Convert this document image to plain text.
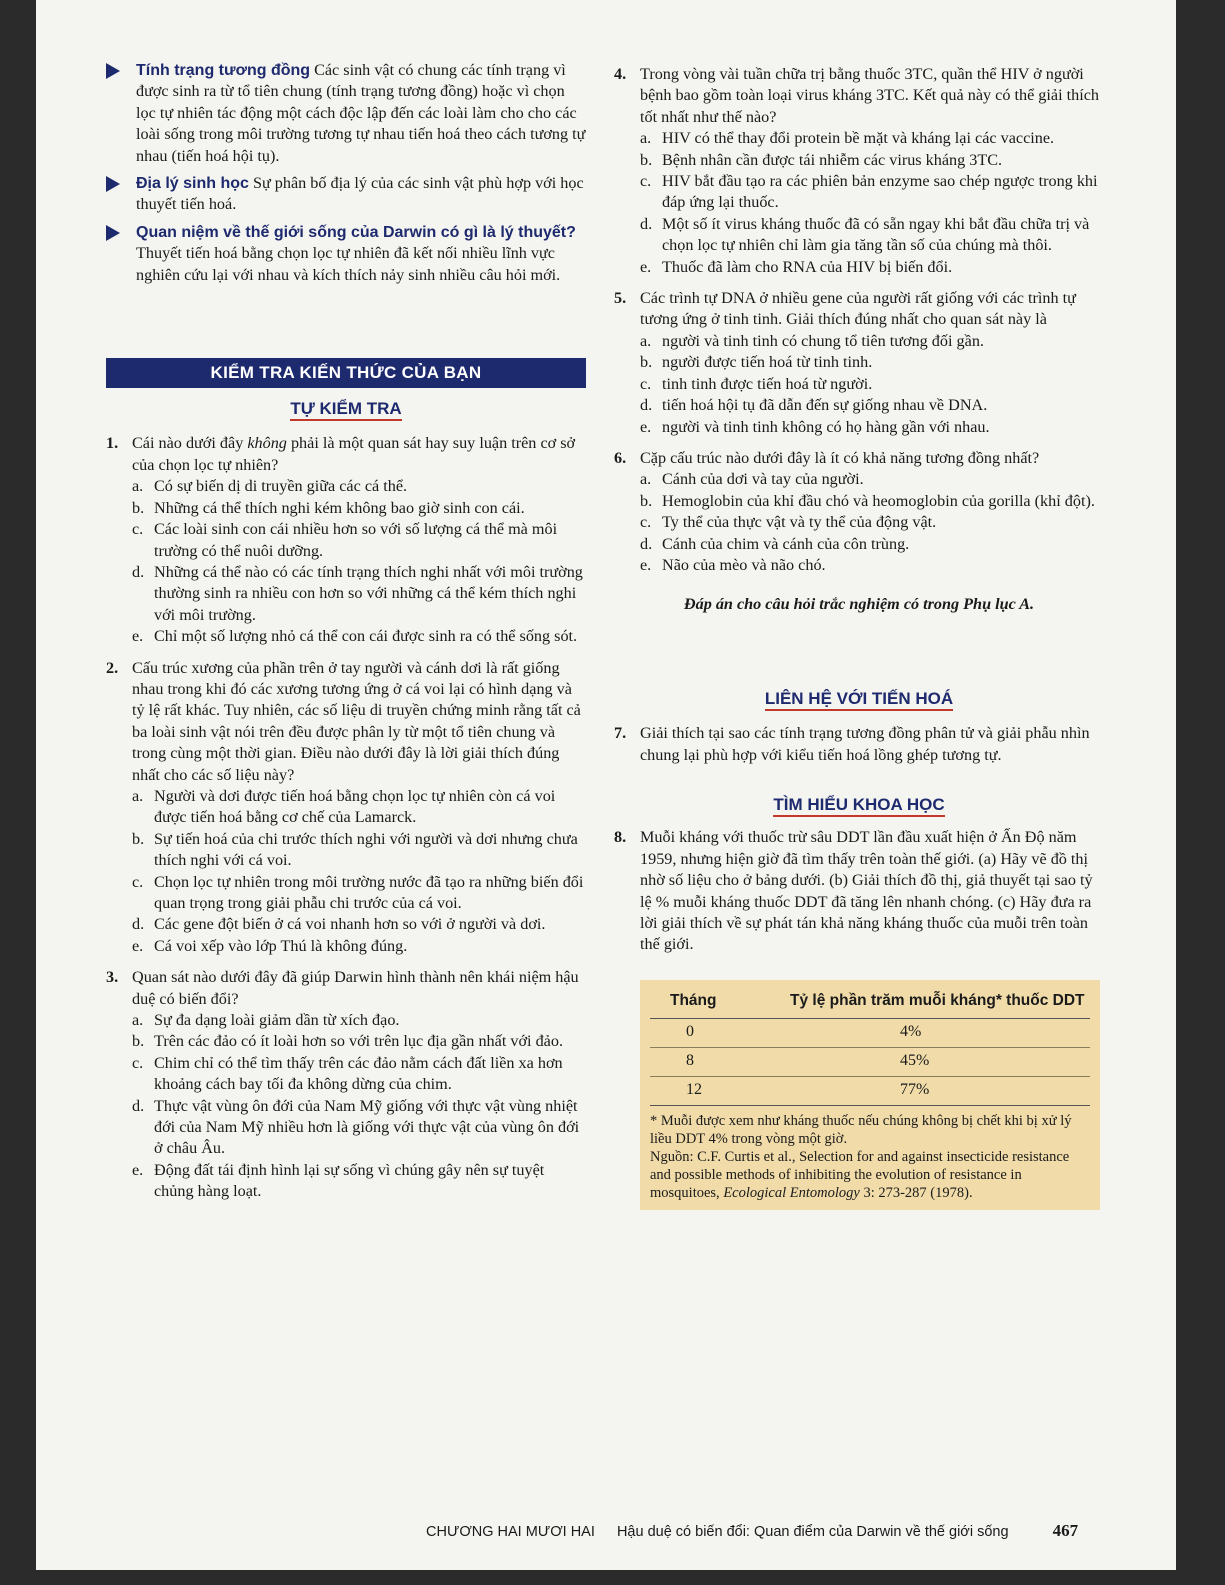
Tính trạng tương đồng Các sinh vật có chung các tính trạng vì được sinh ra từ tổ tiên chung (tính trạng tương đồng) hoặc vì chọn lọc tự nhiên tác động một cách độc lập đến các loài làm cho cho các loài sống trong môi trường tương tự nhau tiến hoá theo cách tương tự nhau (tiến hoá hội tụ).
Địa lý sinh học Sự phân bố địa lý của các sinh vật phù hợp với học thuyết tiến hoá.
Quan niệm về thế giới sống của Darwin có gì là lý thuyết? Thuyết tiến hoá bằng chọn lọc tự nhiên đã kết nối nhiều lĩnh vực nghiên cứu lại với nhau và kích thích nảy sinh nhiều câu hỏi mới.
KIỂM TRA KIẾN THỨC CỦA BẠN
TỰ KIỂM TRA
1. Cái nào dưới đây không phải là một quan sát hay suy luận trên cơ sở của chọn lọc tự nhiên?
a. Có sự biến dị di truyền giữa các cá thể.
b. Những cá thể thích nghi kém không bao giờ sinh con cái.
c. Các loài sinh con cái nhiều hơn so với số lượng cá thể mà môi trường có thể nuôi dưỡng.
d. Những cá thể nào có các tính trạng thích nghi nhất với môi trường thường sinh ra nhiều con hơn so với những cá thể kém thích nghi với môi trường.
e. Chỉ một số lượng nhỏ cá thể con cái được sinh ra có thể sống sót.
2. Cấu trúc xương của phần trên ở tay người và cánh dơi là rất giống nhau trong khi đó các xương tương ứng ở cá voi lại có hình dạng và tỷ lệ rất khác. Tuy nhiên, các số liệu di truyền chứng minh rằng tất cả ba loài sinh vật nói trên đều được phân ly từ một tổ tiên chung và trong cùng một thời gian. Điều nào dưới đây là lời giải thích đúng nhất cho các số liệu này?
a. Người và dơi được tiến hoá bằng chọn lọc tự nhiên còn cá voi được tiến hoá bằng cơ chế của Lamarck.
b. Sự tiến hoá của chi trước thích nghi với người và dơi nhưng chưa thích nghi với cá voi.
c. Chọn lọc tự nhiên trong môi trường nước đã tạo ra những biến đổi quan trọng trong giải phẫu chi trước của cá voi.
d. Các gene đột biến ở cá voi nhanh hơn so với ở người và dơi.
e. Cá voi xếp vào lớp Thú là không đúng.
3. Quan sát nào dưới đây đã giúp Darwin hình thành nên khái niệm hậu duệ có biến đổi?
a. Sự đa dạng loài giảm dần từ xích đạo.
b. Trên các đảo có ít loài hơn so với trên lục địa gần nhất với đảo.
c. Chim chỉ có thể tìm thấy trên các đảo nằm cách đất liền xa hơn khoảng cách bay tối đa không dừng của chim.
d. Thực vật vùng ôn đới của Nam Mỹ giống với thực vật vùng nhiệt đới của Nam Mỹ nhiều hơn là giống với thực vật của vùng ôn đới ở châu Âu.
e. Động đất tái định hình lại sự sống vì chúng gây nên sự tuyệt chủng hàng loạt.
4. Trong vòng vài tuần chữa trị bằng thuốc 3TC, quần thể HIV ở người bệnh bao gồm toàn loại virus kháng 3TC. Kết quả này có thể giải thích tốt nhất như thế nào?
a. HIV có thể thay đổi protein bề mặt và kháng lại các vaccine.
b. Bệnh nhân cần được tái nhiễm các virus kháng 3TC.
c. HIV bắt đầu tạo ra các phiên bản enzyme sao chép ngược trong khi đáp ứng lại thuốc.
d. Một số ít virus kháng thuốc đã có sẵn ngay khi bắt đầu chữa trị và chọn lọc tự nhiên chỉ làm gia tăng tần số của chúng mà thôi.
e. Thuốc đã làm cho RNA của HIV bị biến đổi.
5. Các trình tự DNA ở nhiều gene của người rất giống với các trình tự tương ứng ở tinh tinh. Giải thích đúng nhất cho quan sát này là
a. người và tinh tinh có chung tổ tiên tương đối gần.
b. người được tiến hoá từ tinh tinh.
c. tinh tinh được tiến hoá từ người.
d. tiến hoá hội tụ đã dẫn đến sự giống nhau về DNA.
e. người và tinh tinh không có họ hàng gần với nhau.
6. Cặp cấu trúc nào dưới đây là ít có khả năng tương đồng nhất?
a. Cánh của dơi và tay của người.
b. Hemoglobin của khỉ đầu chó và heomoglobin của gorilla (khỉ đột).
c. Ty thể của thực vật và ty thể của động vật.
d. Cánh của chim và cánh của côn trùng.
e. Não của mèo và não chó.
Đáp án cho câu hỏi trắc nghiệm có trong Phụ lục A.
LIÊN HỆ VỚI TIẾN HOÁ
7. Giải thích tại sao các tính trạng tương đồng phân tử và giải phẫu nhìn chung lại phù hợp với kiểu tiến hoá lồng ghép tương tự.
TÌM HIỂU KHOA HỌC
8. Muỗi kháng với thuốc trừ sâu DDT lần đầu xuất hiện ở Ấn Độ năm 1959, nhưng hiện giờ đã tìm thấy trên toàn thế giới. (a) Hãy vẽ đồ thị nhờ số liệu cho ở bảng dưới. (b) Giải thích đồ thị, giả thuyết tại sao tỷ lệ % muỗi kháng thuốc DDT đã tăng lên nhanh chóng. (c) Hãy đưa ra lời giải thích về sự phát tán khả năng kháng thuốc của muỗi trên toàn thế giới.
Tháng	Tỷ lệ phần trăm muỗi kháng* thuốc DDT
0	4%
8	45%
12	77%
* Muỗi được xem như kháng thuốc nếu chúng không bị chết khi bị xử lý liều DDT 4% trong vòng một giờ.
Nguồn: C.F. Curtis et al., Selection for and against insecticide resistance and possible methods of inhibiting the evolution of resistance in mosquitoes, Ecological Entomology 3: 273-287 (1978).
CHƯƠNG HAI MƯƠI HAI Hậu duệ có biến đổi: Quan điểm của Darwin về thế giới sống	467
